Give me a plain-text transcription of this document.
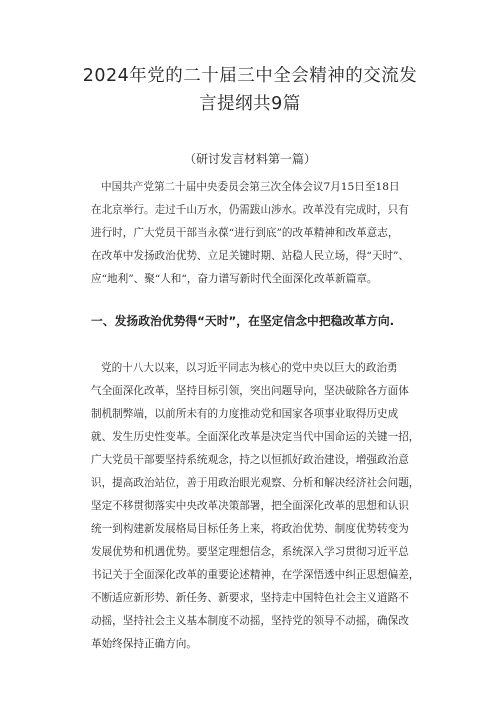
2024年党的二十届三中全会精神的交流发
言提纲共9篇
（研讨发言材料第一篇）
中国共产党第二十届中央委员会第三次全体会议7月15日至18日
在北京举行。走过千山万水，仍需跋山涉水。改革没有完成时，只有
进行时，广大党员干部当永葆“进行到底”的改革精神和改革意志，
在改革中发扬政治优势、立足关键时期、站稳人民立场，得“天时”、
应“地利”、聚“人和“，奋力谱写新时代全面深化改革新篇章。
一、发扬政治优势得“天时”，在坚定信念中把稳改革方向.
党的十八大以来，以习近平同志为核心的党中央以巨大的政治勇
气全面深化改革，坚持目标引领，突出问题导向，坚决破除各方面体
制机制弊端，以前所未有的力度推动党和国家各项事业取得历史成
就、发生历史性变革。全面深化改革是决定当代中国命运的关键一招，
广大党员干部要坚持系统观念，持之以恒抓好政治建设，增强政治意
识，提高政治站位，善于用政治眼光观察、分析和解决经济社会问题，
坚定不移贯彻落实中央改革决策部署，把全面深化改革的思想和认识
统一到构建新发展格局目标任务上来，将政治优势、制度优势转变为
发展优势和机遇优势。要坚定理想信念，系统深入学习贯彻习近平总
书记关于全面深化改革的重要论述精神，在学深悟透中纠正思想偏差，
不断适应新形势、新任务、新要求，坚持走中国特色社会主义道路不
动摇，坚持社会主义基本制度不动摇，坚持党的领导不动摇，确保改
革始终保持正确方向。
